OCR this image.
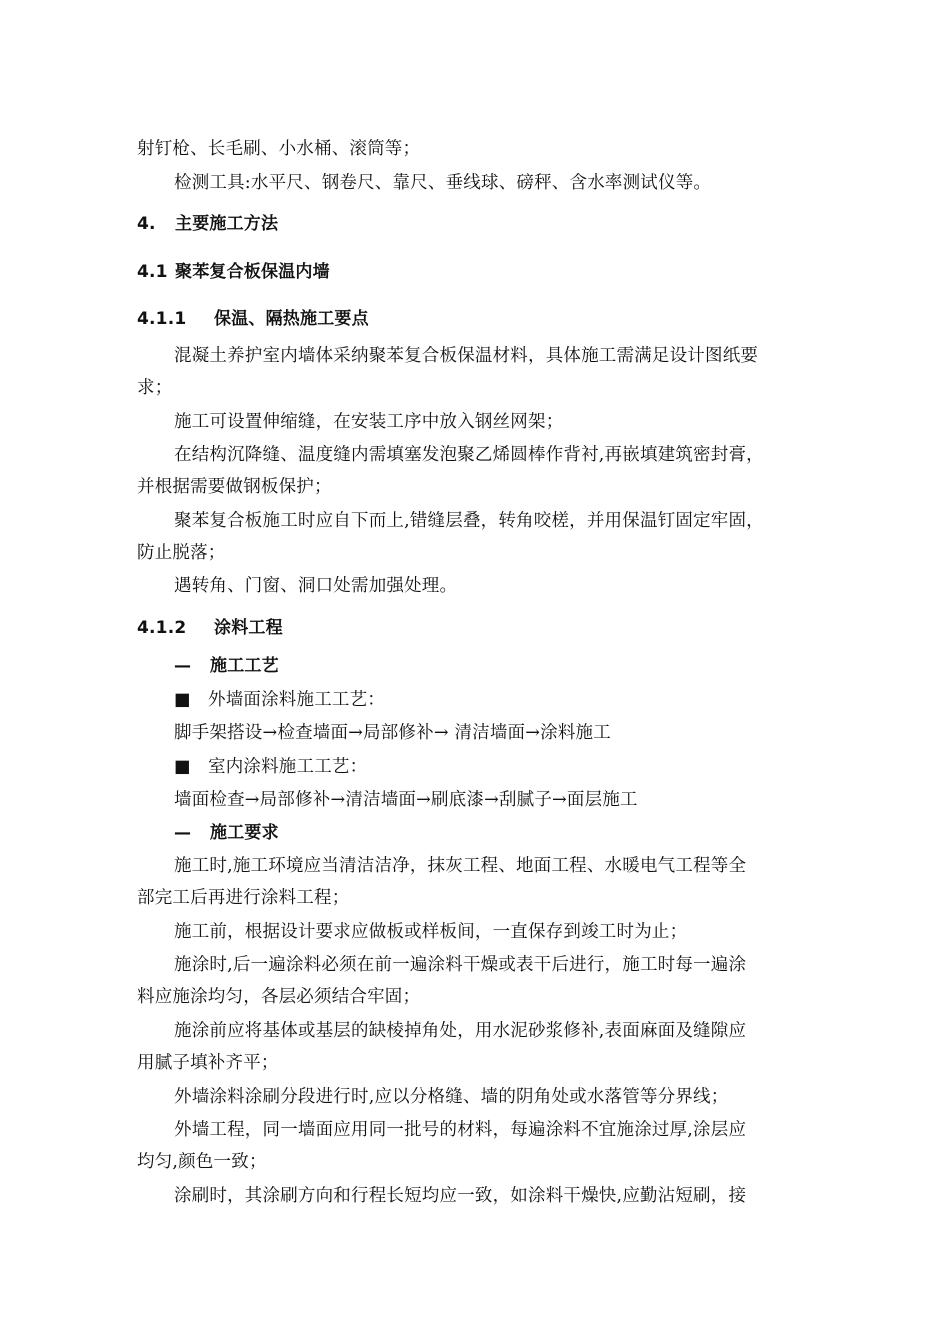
射钉枪、长毛刷、小水桶、滚筒等；
检测工具:水平尺、钢卷尺、靠尺、垂线球、磅秤、含水率测试仪等。
4. 主要施工方法
4.1 聚苯复合板保温内墙
4.1.1 保温、隔热施工要点
混凝土养护室内墙体采纳聚苯复合板保温材料，具体施工需满足设计图纸要
求；
施工可设置伸缩缝，在安装工序中放入钢丝网架；
在结构沉降缝、温度缝内需填塞发泡聚乙烯圆棒作背衬,再嵌填建筑密封膏，
并根据需要做钢板保护；
聚苯复合板施工时应自下而上,错缝层叠，转角咬槎，并用保温钉固定牢固，
防止脱落；
遇转角、门窗、洞口处需加强处理。
4.1.2 涂料工程
— 施工工艺
■ 外墙面涂料施工工艺：
脚手架搭设→检查墙面→局部修补→ 清洁墙面→涂料施工
■ 室内涂料施工工艺：
墙面检查→局部修补→清洁墙面→刷底漆→刮腻子→面层施工
— 施工要求
施工时,施工环境应当清洁洁净，抹灰工程、地面工程、水暖电气工程等全
部完工后再进行涂料工程；
施工前，根据设计要求应做板或样板间，一直保存到竣工时为止；
施涂时,后一遍涂料必须在前一遍涂料干燥或表干后进行，施工时每一遍涂
料应施涂均匀，各层必须结合牢固；
施涂前应将基体或基层的缺棱掉角处，用水泥砂浆修补,表面麻面及缝隙应
用腻子填补齐平；
外墙涂料涂刷分段进行时,应以分格缝、墙的阴角处或水落管等分界线；
外墙工程，同一墙面应用同一批号的材料，每遍涂料不宜施涂过厚,涂层应
均匀,颜色一致；
涂刷时，其涂刷方向和行程长短均应一致，如涂料干燥快,应勤沾短刷，接
